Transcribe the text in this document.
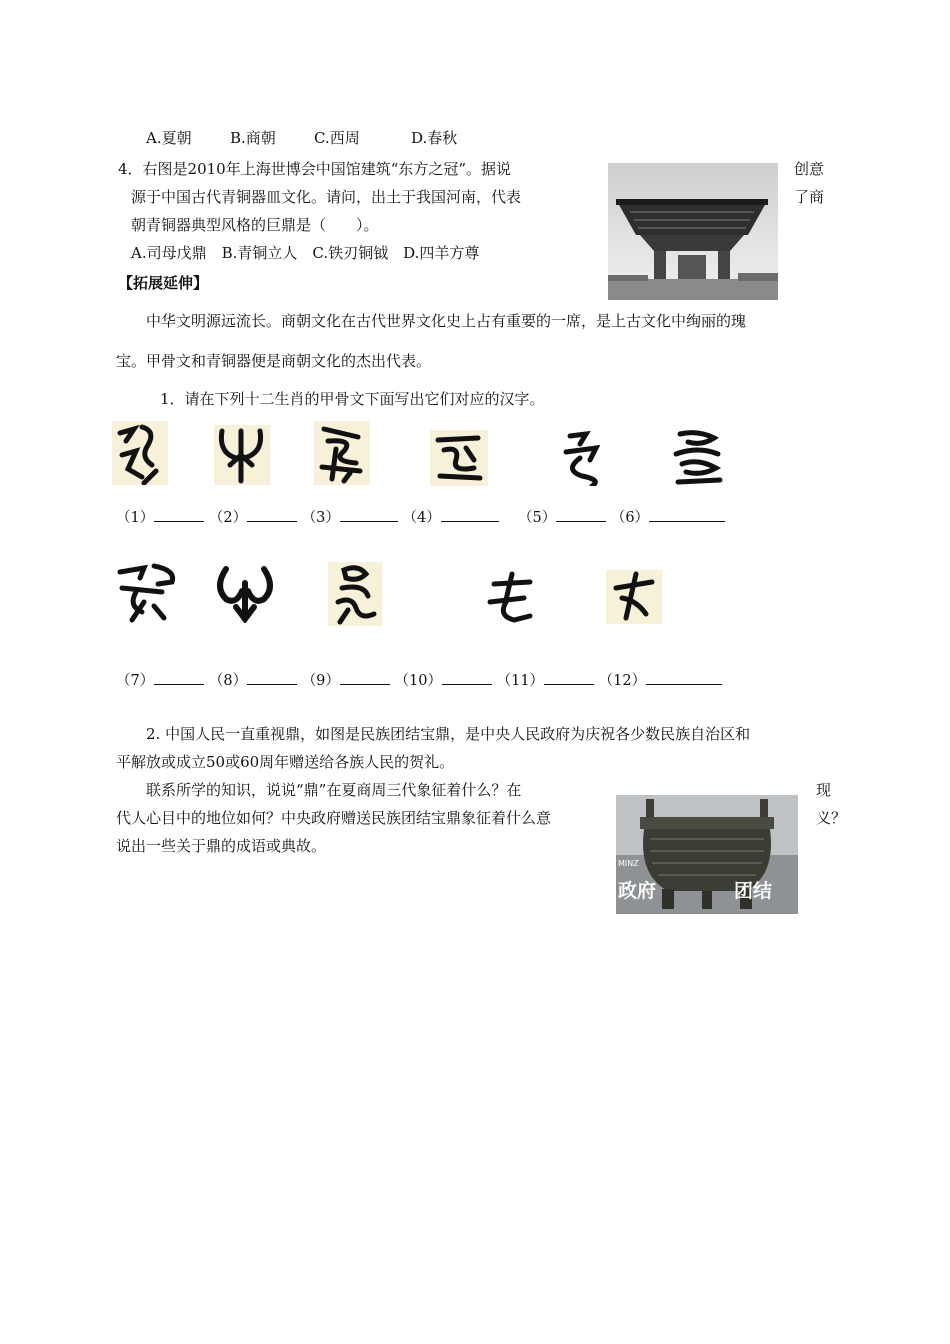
A.夏朝	B.商朝	C.西周	D.春秋
4．右图是2010年上海世博会中国馆建筑“东方之冠”。据说	创意
源于中国古代青铜器皿文化。请问，出土于我国河南，代表	了商
朝青铜器典型风格的巨鼎是（　　）。
A.司母戊鼎　B.青铜立人　C.铁刃铜钺　D.四羊方尊
【拓展延伸】
中华文明源远流长。商朝文化在古代世界文化史上占有重要的一席，是上古文化中绚丽的瑰
宝。甲骨文和青铜器便是商朝文化的杰出代表。
1．请在下列十二生肖的甲骨文下面写出它们对应的汉字。
（1）	（2）	（3）	（4）	（5）	（6）
（7）	（8）	（9）	（10）	（11）	（12）
2. 中国人民一直重视鼎，如图是民族团结宝鼎，是中央人民政府为庆祝各少数民族自治区和
平解放或成立50或60周年赠送给各族人民的贺礼。
联系所学的知识，说说“鼎”在夏商周三代象征着什么？在	现
代人心目中的地位如何？中央政府赠送民族团结宝鼎象征着什么意	义？
说出一些关于鼎的成语或典故。
政府	团结
MINZ
